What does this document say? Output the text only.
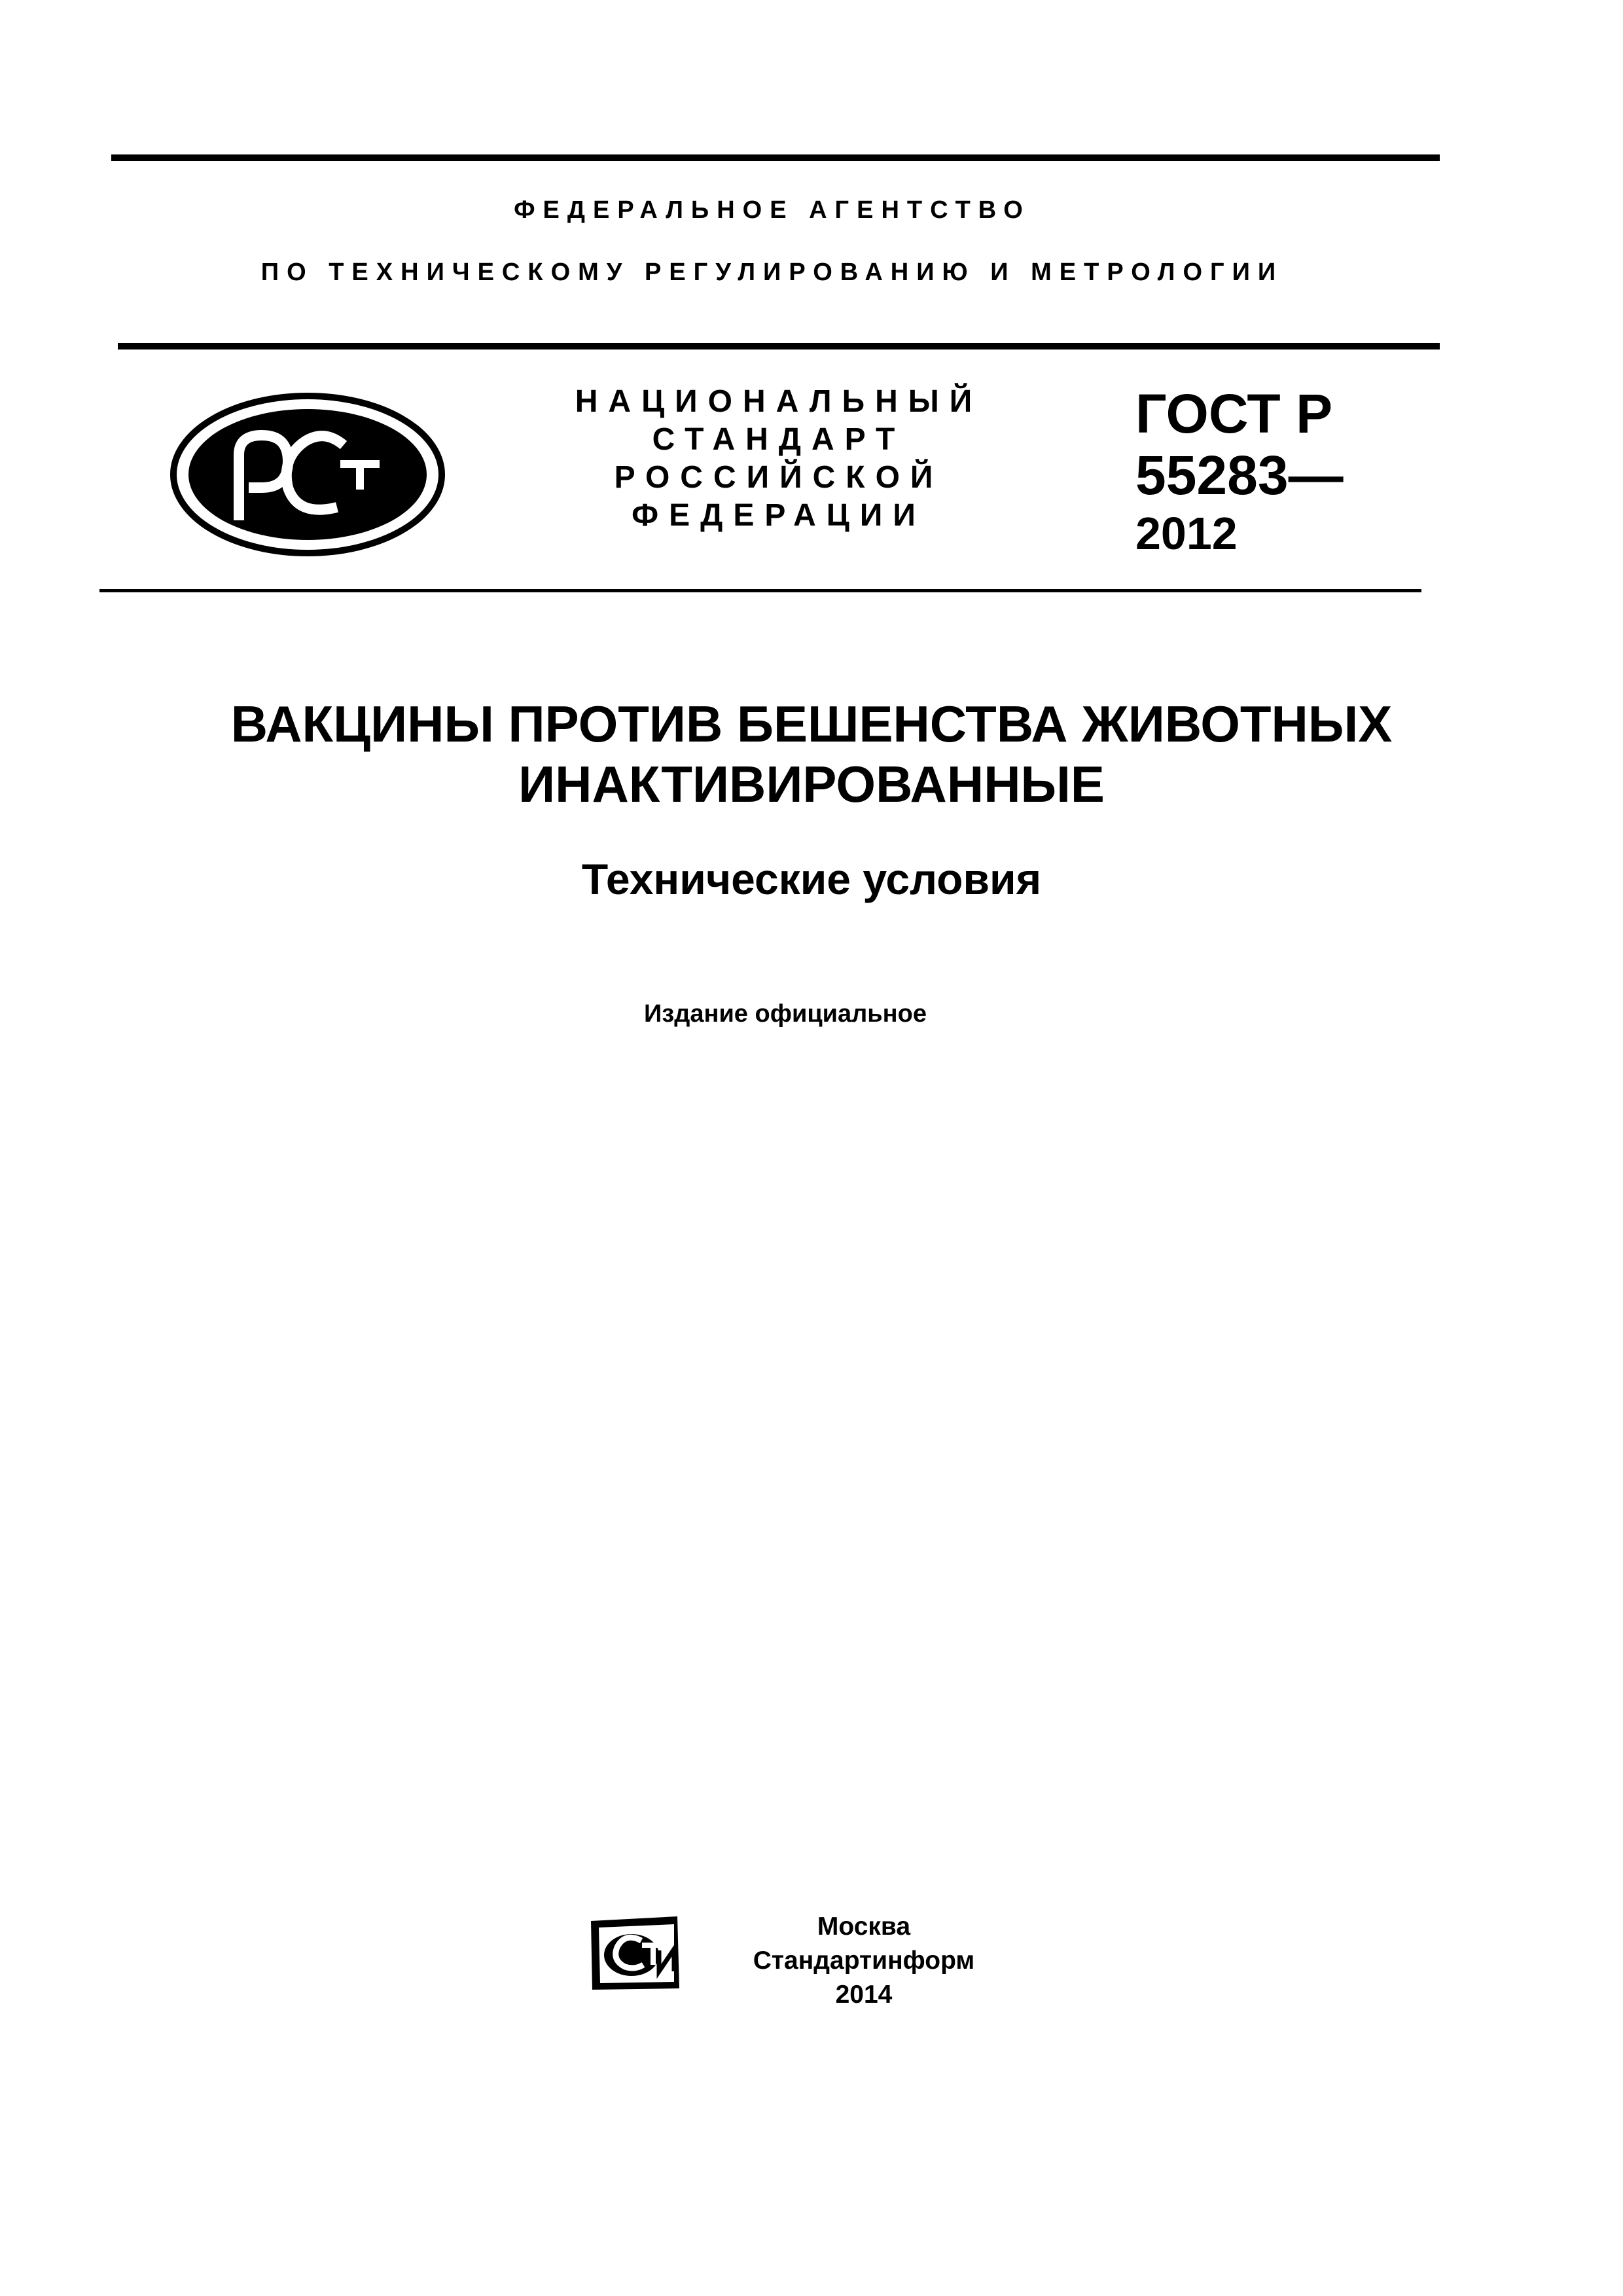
ФЕДЕРАЛЬНОЕ АГЕНТСТВО
ПО ТЕХНИЧЕСКОМУ РЕГУЛИРОВАНИЮ И МЕТРОЛОГИИ
НАЦИОНАЛЬНЫЙ
СТАНДАРТ
РОССИЙСКОЙ
ФЕДЕРАЦИИ
ГОСТ Р
55283—
2012
ВАКЦИНЫ ПРОТИВ БЕШЕНСТВА ЖИВОТНЫХ
ИНАКТИВИРОВАННЫЕ
Технические условия
Издание официальное
Москва
Стандартинформ
2014
